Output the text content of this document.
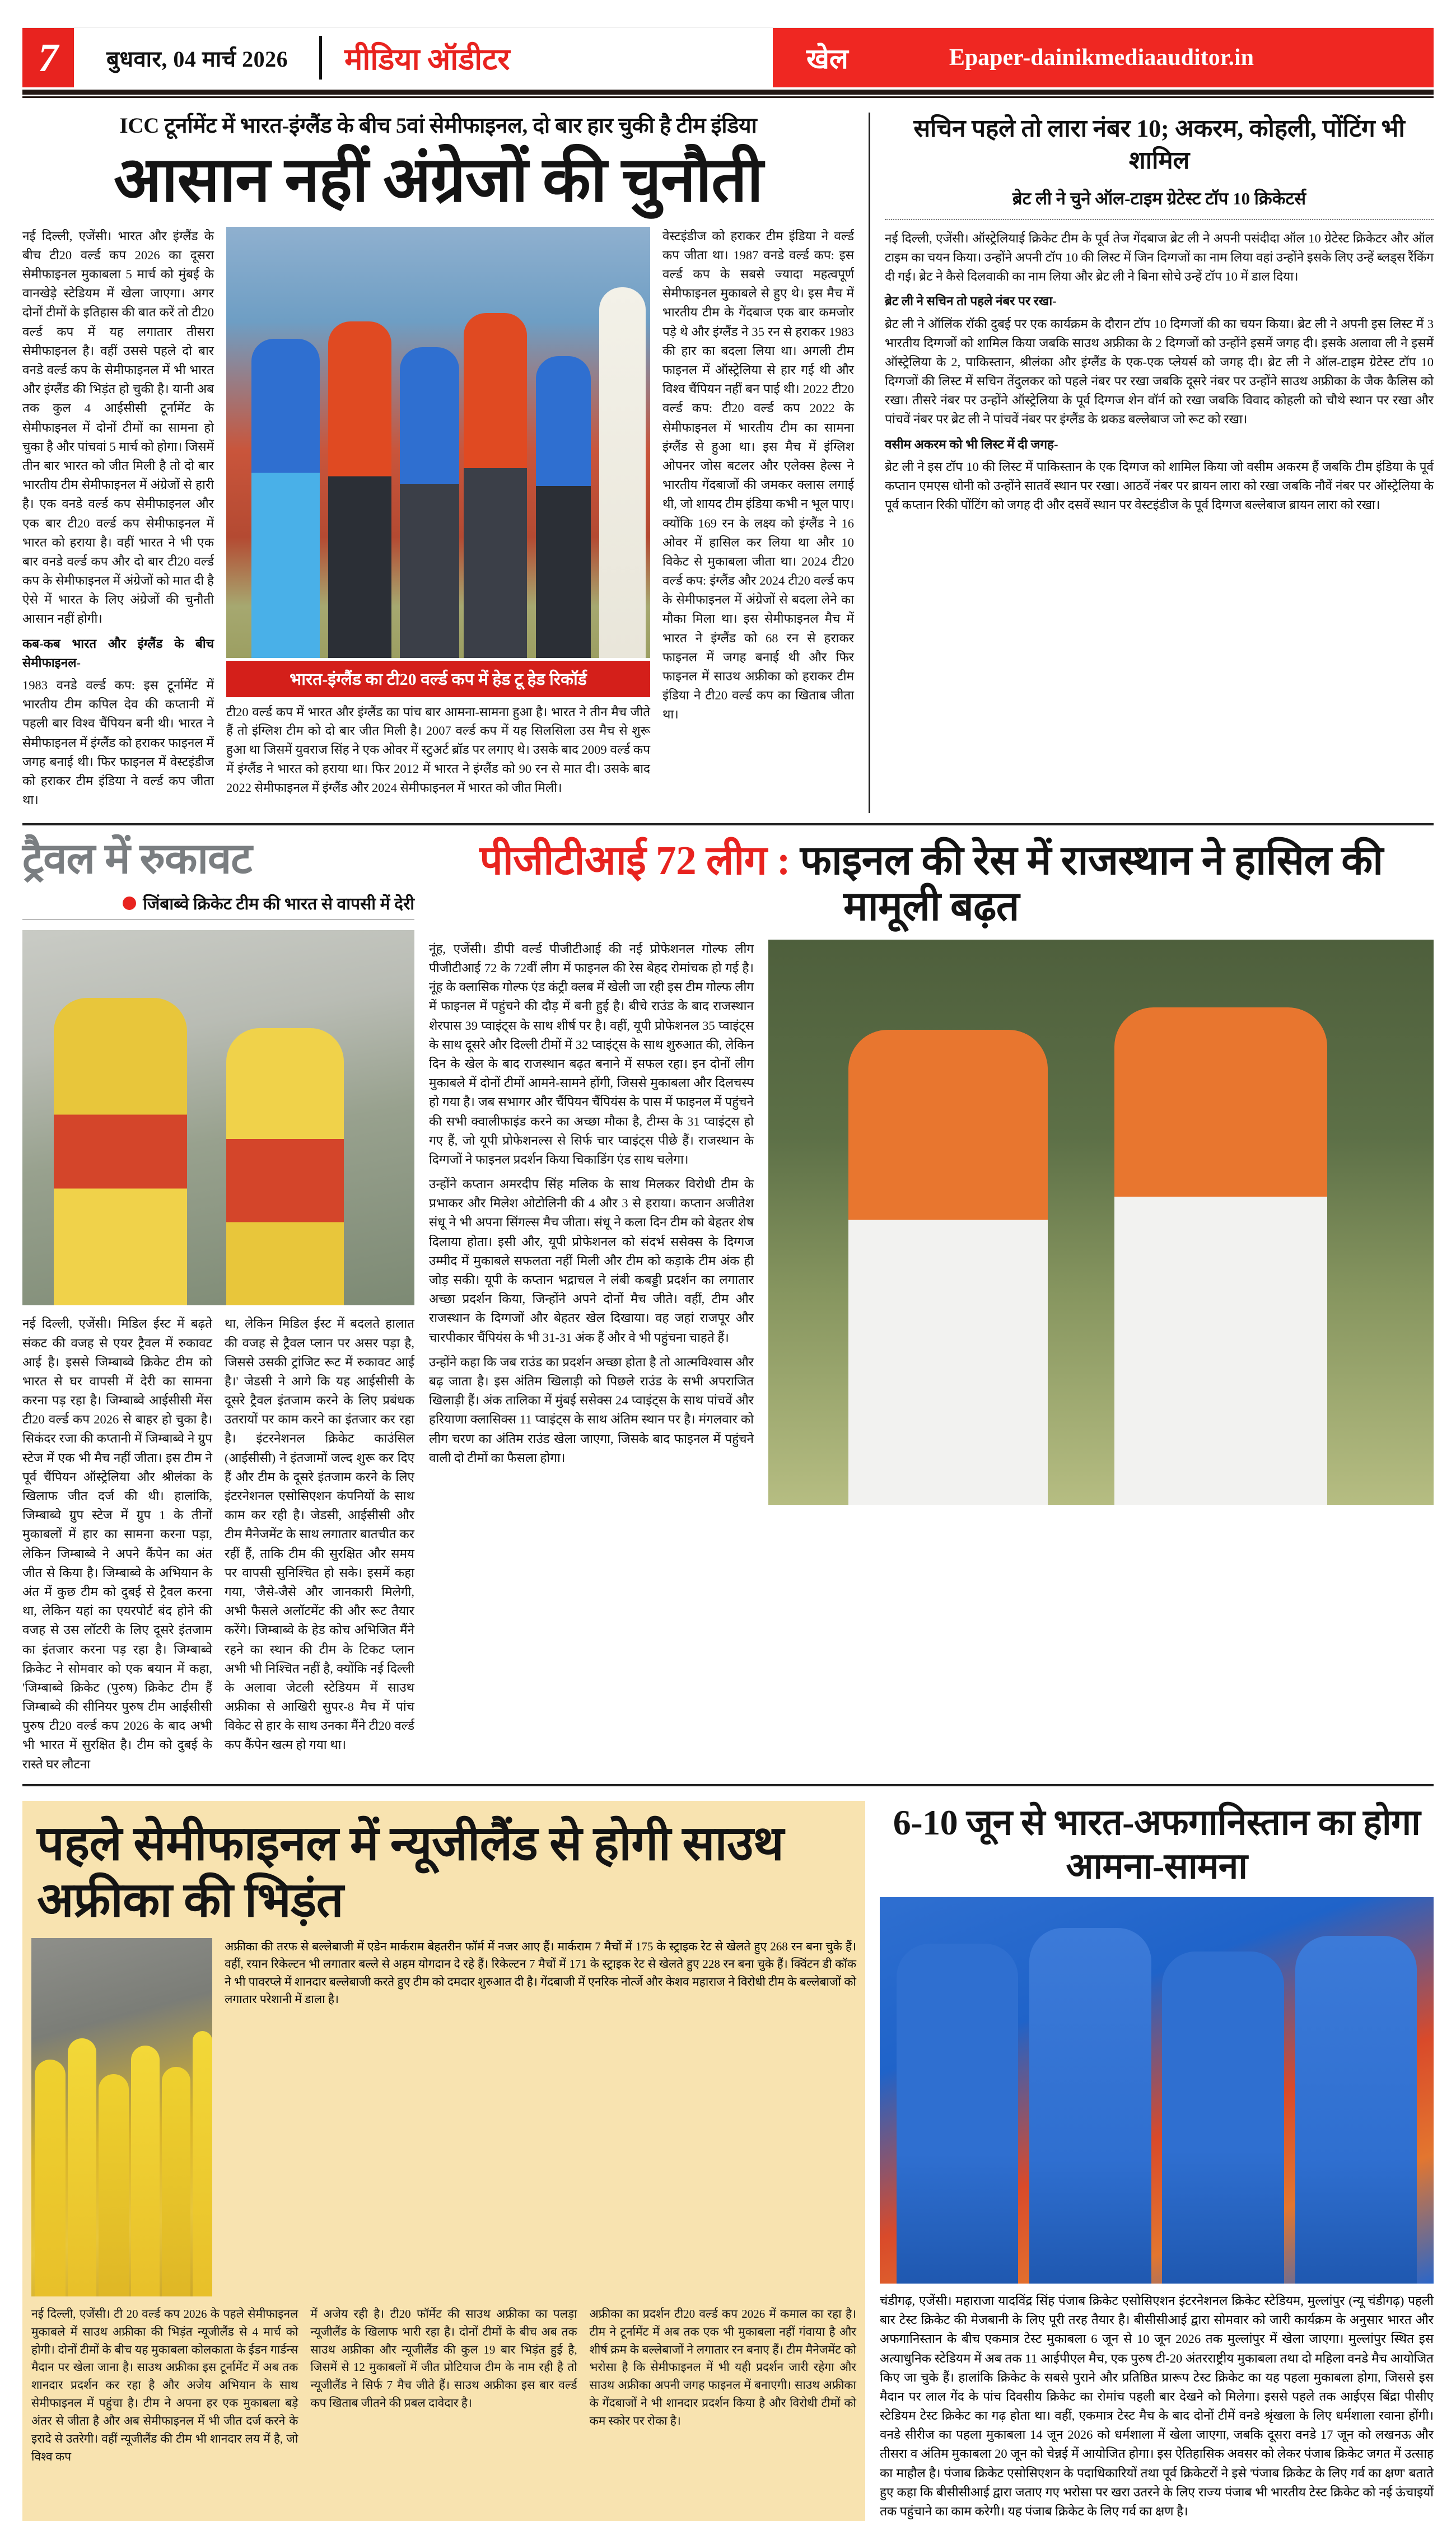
7	बुधवार, 04 मार्च 2026	मीडिया ऑडीटर	खेल	Epaper-dainikmediaauditor.in
ICC टूर्नामेंट में भारत-इंग्लैंड के बीच 5वां सेमीफाइनल, दो बार हार चुकी है टीम इंडिया
आसान नहीं अंग्रेजों की चुनौती

नई दिल्ली, एजेंसी। भारत और इंग्लैंड के बीच टी20 वर्ल्ड कप 2026 का दूसरा सेमीफाइनल मुकाबला 5 मार्च को मुंबई के वानखेड़े स्टेडियम में खेला जाएगा। अगर दोनों टीमों के इतिहास की बात करें तो टी20 वर्ल्ड कप में यह लगातार तीसरा सेमीफाइनल है। वहीं उससे पहले दो बार वनडे वर्ल्ड कप के सेमीफाइनल में भी भारत और इंग्लैंड की भिड़ंत हो चुकी है। यानी अब तक कुल 4 आईसीसी टूर्नामेंट के सेमीफाइनल में दोनों टीमों का सामना हो चुका है और पांचवां 5 मार्च को होगा। जिसमें तीन बार भारत को जीत मिली है तो दो बार भारतीय टीम सेमीफाइनल में अंग्रेजों से हारी है। एक वनडे वर्ल्ड कप सेमीफाइनल और एक बार टी20 वर्ल्ड कप सेमीफाइनल में भारत को हराया है। वहीं भारत ने भी एक बार वनडे वर्ल्ड कप और दो बार टी20 वर्ल्ड कप के सेमीफाइनल में अंग्रेजों को मात दी है ऐसे में भारत के लिए अंग्रेजों की चुनौती आसान नहीं होगी।

कब-कब भारत और इंग्लैंड के बीच सेमीफाइनल-

1983 वनडे वर्ल्ड कप: इस टूर्नामेंट में भारतीय टीम कपिल देव की कप्तानी में पहली बार विश्व चैंपियन बनी थी। भारत ने सेमीफाइनल में इंग्लैंड को हराकर फाइनल में जगह बनाई थी। फिर फाइनल में वेस्टइंडीज को हराकर टीम इंडिया ने वर्ल्ड कप जीता था।

भारत-इंग्लैंड का टी20 वर्ल्ड कप में हेड टू हेड रिकॉर्ड
टी20 वर्ल्ड कप में भारत और इंग्लैंड का पांच बार आमना-सामना हुआ है। भारत ने तीन मैच जीते हैं तो इंग्लिश टीम को दो बार जीत मिली है। 2007 वर्ल्ड कप में यह सिलसिला उस मैच से शुरू हुआ था जिसमें युवराज सिंह ने एक ओवर में स्टुअर्ट ब्रॉड पर लगाए थे। उसके बाद 2009 वर्ल्ड कप में इंग्लैंड ने भारत को हराया था। फिर 2012 में भारत ने इंग्लैंड को 90 रन से मात दी। उसके बाद 2022 सेमीफाइनल में इंग्लैंड और 2024 सेमीफाइनल में भारत को जीत मिली।

वेस्टइंडीज को हराकर टीम इंडिया ने वर्ल्ड कप जीता था। 1987 वनडे वर्ल्ड कप: इस वर्ल्ड कप के सबसे ज्यादा महत्वपूर्ण सेमीफाइनल मुकाबले से हुए थे। इस मैच में भारतीय टीम के गेंदबाज एक बार कमजोर पड़े थे और इंग्लैंड ने 35 रन से हराकर 1983 की हार का बदला लिया था। अगली टीम फाइनल में ऑस्ट्रेलिया से हार गई थी और विश्व चैंपियन नहीं बन पाई थी। 2022 टी20 वर्ल्ड कप: टी20 वर्ल्ड कप 2022 के सेमीफाइनल में भारतीय टीम का सामना इंग्लैंड से हुआ था। इस मैच में इंग्लिश ओपनर जोस बटलर और एलेक्स हेल्स ने भारतीय गेंदबाजों की जमकर क्लास लगाई थी, जो शायद टीम इंडिया कभी न भूल पाए। क्योंकि 169 रन के लक्ष्य को इंग्लैंड ने 16 ओवर में हासिल कर लिया था और 10 विकेट से मुकाबला जीता था। 2024 टी20 वर्ल्ड कप: इंग्लैंड और 2024 टी20 वर्ल्ड कप के सेमीफाइनल में अंग्रेजों से बदला लेने का मौका मिला था। इस सेमीफाइनल मैच में भारत ने इंग्लैंड को 68 रन से हराकर फाइनल में जगह बनाई थी और फिर फाइनल में साउथ अफ्रीका को हराकर टीम इंडिया ने टी20 वर्ल्ड कप का खिताब जीता था।

सचिन पहले तो लारा नंबर 10; अकरम, कोहली, पोंटिंग भी शामिल
ब्रेट ली ने चुने ऑल-टाइम ग्रेटेस्ट टॉप 10 क्रिकेटर्स

नई दिल्ली, एजेंसी। ऑस्ट्रेलियाई क्रिकेट टीम के पूर्व तेज गेंदबाज ब्रेट ली ने अपनी पसंदीदा ऑल 10 ग्रेटेस्ट क्रिकेटर और ऑल टाइम का चयन किया। उन्होंने अपनी टॉप 10 की लिस्ट में जिन दिग्गजों का नाम लिया वहां उन्होंने इसके लिए उन्हें ब्लड्स रैंकिंग दी गई। ब्रेट ने कैसे दिलवाकी का नाम लिया और ब्रेट ली ने बिना सोचे उन्हें टॉप 10 में डाल दिया।

ब्रेट ली ने सचिन तो पहले नंबर पर रखा-

ब्रेट ली ने ऑलिंक रॉकी दुबई पर एक कार्यक्रम के दौरान टॉप 10 दिग्गजों की का चयन किया। ब्रेट ली ने अपनी इस लिस्ट में 3 भारतीय दिग्गजों को शामिल किया जबकि साउथ अफ्रीका के 2 दिग्गजों को उन्होंने इसमें जगह दी। इसके अलावा ली ने इसमें ऑस्ट्रेलिया के 2, पाकिस्तान, श्रीलंका और इंग्लैंड के एक-एक प्लेयर्स को जगह दी। ब्रेट ली ने ऑल-टाइम ग्रेटेस्ट टॉप 10 दिग्गजों की लिस्ट में सचिन तेंदुलकर को पहले नंबर पर रखा जबकि दूसरे नंबर पर उन्होंने साउथ अफ्रीका के जैक कैलिस को रखा। तीसरे नंबर पर उन्होंने ऑस्ट्रेलिया के पूर्व दिग्गज शेन वॉर्न को रखा जबकि विवाद कोहली को चौथे स्थान पर रखा और पांचवें नंबर पर ब्रेट ली ने पांचवें नंबर पर इंग्लैंड के थ्रकड बल्लेबाज जो रूट को रखा।

वसीम अकरम को भी लिस्ट में दी जगह-

ब्रेट ली ने इस टॉप 10 की लिस्ट में पाकिस्तान के एक दिग्गज को शामिल किया जो वसीम अकरम हैं जबकि टीम इंडिया के पूर्व कप्तान एमएस धोनी को उन्होंने सातवें स्थान पर रखा। आठवें नंबर पर ब्रायन लारा को रखा जबकि नौवें नंबर पर ऑस्ट्रेलिया के पूर्व कप्तान रिकी पोंटिंग को जगह दी और दसवें स्थान पर वेस्टइंडीज के पूर्व दिग्गज बल्लेबाज ब्रायन लारा को रखा।

ट्रैवल में रुकावट
जिंबाब्वे क्रिकेट टीम की भारत से वापसी में देरी
नई दिल्ली, एजेंसी। मिडिल ईस्ट में बढ़ते संकट की वजह से एयर ट्रैवल में रुकावट आई है। इससे जिम्बाब्वे क्रिकेट टीम को भारत से घर वापसी में देरी का सामना करना पड़ रहा है। जिम्बाब्वे आईसीसी मेंस टी20 वर्ल्ड कप 2026 से बाहर हो चुका है। सिकंदर रजा की कप्तानी में जिम्बाब्वे ने ग्रुप स्टेज में एक भी मैच नहीं जीता। इस टीम ने पूर्व चैंपियन ऑस्ट्रेलिया और श्रीलंका के खिलाफ जीत दर्ज की थी। हालांकि, जिम्बाब्वे ग्रुप स्टेज में ग्रुप 1 के तीनों मुकाबलों में हार का सामना करना पड़ा, लेकिन जिम्बाब्वे ने अपने कैंपेन का अंत जीत से किया है। जिम्बाब्वे के अभियान के अंत में कुछ टीम को दुबई से ट्रैवल करना था, लेकिन यहां का एयरपोर्ट बंद होने की वजह से उस लॉटरी के लिए दूसरे इंतजाम का इंतजार करना पड़ रहा है। जिम्बाब्वे क्रिकेट ने सोमवार को एक बयान में कहा, 'जिम्बाब्वे क्रिकेट (पुरुष) क्रिकेट टीम हैं जिम्बाब्वे की सीनियर पुरुष टीम आईसीसी पुरुष टी20 वर्ल्ड कप 2026 के बाद अभी भी भारत में सुरक्षित है। टीम को दुबई के रास्ते घर लौटना
था, लेकिन मिडिल ईस्ट में बदलते हालात की वजह से ट्रैवल प्लान पर असर पड़ा है, जिससे उसकी ट्रांजिट रूट में रुकावट आई है।' जेडसी ने आगे कि यह आईसीसी के दूसरे ट्रैवल इंतजाम करने के लिए प्रबंधक उतरायों पर काम करने का इंतजार कर रहा है। इंटरनेशनल क्रिकेट काउंसिल (आईसीसी) ने इंतजामों जल्द शुरू कर दिए हैं और टीम के दूसरे इंतजाम करने के लिए इंटरनेशनल एसोसिएशन कंपनियों के साथ काम कर रही है। जेडसी, आईसीसी और टीम मैनेजमेंट के साथ लगातार बातचीत कर रहीं हैं, ताकि टीम की सुरक्षित और समय पर वापसी सुनिश्चित हो सके। इसमें कहा गया, 'जैसे-जैसे और जानकारी मिलेगी, अभी फैसले अलॉटमेंट की और रूट तैयार करेंगे। जिम्बाब्वे के हेड कोच अभिजित मैंने रहने का स्थान की टीम के टिकट प्लान अभी भी निश्चित नहीं है, क्योंकि नई दिल्ली के अलावा जेटली स्टेडियम में साउथ अफ्रीका से आखिरी सुपर-8 मैच में पांच विकेट से हार के साथ उनका मैंने टी20 वर्ल्ड कप कैंपेन खत्म हो गया था।
पीजीटीआई 72 लीग : फाइनल की रेस में राजस्थान ने हासिल की मामूली बढ़त
नूंह, एजेंसी। डीपी वर्ल्ड पीजीटीआई की नई प्रोफेशनल गोल्फ लीग पीजीटीआई 72 के 72वीं लीग में फाइनल की रेस बेहद रोमांचक हो गई है। नूंह के क्लासिक गोल्फ एंड कंट्री क्लब में खेली जा रही इस टीम गोल्फ लीग में फाइनल में पहुंचने की दौड़ में बनी हुई है। बीचे राउंड के बाद राजस्थान शेरपास 39 प्वाइंट्स के साथ शीर्ष पर है। वहीं, यूपी प्रोफेशनल 35 प्वाइंट्स के साथ दूसरे और दिल्ली टीमों में 32 प्वाइंट्स के साथ शुरुआत की, लेकिन दिन के खेल के बाद राजस्थान बढ़त बनाने में सफल रहा। इन दोनों लीग मुकाबले में दोनों टीमों आमने-सामने होंगी, जिससे मुकाबला और दिलचस्प हो गया है। जब सभागर और चैंपियन चैंपियंस के पास में फाइनल में पहुंचने की सभी क्वालीफाइंड करने का अच्छा मौका है, टीम्स के 31 प्वाइंट्स हो गए हैं, जो यूपी प्रोफेशनल्स से सिर्फ चार प्वाइंट्स पीछे हैं। राजस्थान के दिग्गजों ने फाइनल प्रदर्शन किया चिकाडिंग एंड साथ चलेगा।
उन्होंने कप्तान अमरदीप सिंह मलिक के साथ मिलकर विरोधी टीम के प्रभाकर और मिलेश ओटोलिनी की 4 और 3 से हराया। कप्तान अजीतेश संधू ने भी अपना सिंगल्स मैच जीता। संधू ने कला दिन टीम को बेहतर शेष दिलाया होता। इसी और, यूपी प्रोफेशनल को संदर्भ ससेक्स के दिग्गज उम्मीद में मुकाबले सफलता नहीं मिली और टीम को कड़ाके टीम अंक ही जोड़ सकी। यूपी के कप्तान भद्राचल ने लंबी कबड्डी प्रदर्शन का लगातार अच्छा प्रदर्शन किया, जिन्होंने अपने दोनों मैच जीते। वहीं, टीम और राजस्थान के दिग्गजों और बेहतर खेल दिखाया। वह जहां राजपूर और चारपीकार चैंपियंस के भी 31-31 अंक हैं और वे भी पहुंचना चाहते हैं।
उन्होंने कहा कि जब राउंड का प्रदर्शन अच्छा होता है तो आत्मविश्वास और बढ़ जाता है। इस अंतिम खिलाड़ी को पिछले राउंड के सभी अपराजित खिलाड़ी हैं। अंक तालिका में मुंबई ससेक्स 24 प्वाइंट्स के साथ पांचवें और हरियाणा क्लासिक्स 11 प्वाइंट्स के साथ अंतिम स्थान पर है। मंगलवार को लीग चरण का अंतिम राउंड खेला जाएगा, जिसके बाद फाइनल में पहुंचने वाली दो टीमों का फैसला होगा।
पहले सेमीफाइनल में न्यूजीलैंड से होगी साउथ अफ्रीका की भिड़ंत
अफ्रीका की तरफ से बल्लेबाजी में एडेन मार्कराम बेहतरीन फॉर्म में नजर आए हैं। मार्कराम 7 मैचों में 175 के स्ट्राइक रेट से खेलते हुए 268 रन बना चुके हैं। वहीं, रयान रिकेल्टन भी लगातार बल्ले से अहम योगदान दे रहे हैं। रिकेल्टन 7 मैचों में 171 के स्ट्राइक रेट से खेलते हुए 228 रन बना चुके हैं। क्विंटन डी कॉक ने भी पावरप्ले में शानदार बल्लेबाजी करते हुए टीम को दमदार शुरुआत दी है। गेंदबाजी में एनरिक नोर्त्जे और केशव महाराज ने विरोधी टीम के बल्लेबाजों को लगातार परेशानी में डाला है।
नई दिल्ली, एजेंसी। टी 20 वर्ल्ड कप 2026 के पहले सेमीफाइनल मुकाबले में साउथ अफ्रीका की भिड़ंत न्यूजीलैंड से 4 मार्च को होगी। दोनों टीमों के बीच यह मुकाबला कोलकाता के ईडन गार्डन्स मैदान पर खेला जाना है। साउथ अफ्रीका इस टूर्नामेंट में अब तक शानदार प्रदर्शन कर रहा है और अजेय अभियान के साथ सेमीफाइनल में पहुंचा है। टीम ने अपना हर एक मुकाबला बड़े अंतर से जीता है और अब सेमीफाइनल में भी जीत दर्ज करने के इरादे से उतरेगी। वहीं न्यूजीलैंड की टीम भी शानदार लय में है, जो विश्व कप
में अजेय रही है। टी20 फॉर्मेट की साउथ अफ्रीका का पलड़ा न्यूजीलैंड के खिलाफ भारी रहा है। दोनों टीमों के बीच अब तक साउथ अफ्रीका और न्यूजीलैंड की कुल 19 बार भिड़ंत हुई है, जिसमें से 12 मुकाबलों में जीत प्रोटियाज टीम के नाम रही है तो न्यूजीलैंड ने सिर्फ 7 मैच जीते हैं। साउथ अफ्रीका इस बार वर्ल्ड कप खिताब जीतने की प्रबल दावेदार है।
अफ्रीका का प्रदर्शन टी20 वर्ल्ड कप 2026 में कमाल का रहा है। टीम ने टूर्नामेंट में अब तक एक भी मुकाबला नहीं गंवाया है और शीर्ष क्रम के बल्लेबाजों ने लगातार रन बनाए हैं। टीम मैनेजमेंट को भरोसा है कि सेमीफाइनल में भी यही प्रदर्शन जारी रहेगा और साउथ अफ्रीका अपनी जगह फाइनल में बनाएगी। साउथ अफ्रीका के गेंदबाजों ने भी शानदार प्रदर्शन किया है और विरोधी टीमों को कम स्कोर पर रोका है।
6-10 जून से भारत-अफगानिस्तान का होगा आमना-सामना
चंडीगढ़, एजेंसी। महाराजा यादविंद्र सिंह पंजाब क्रिकेट एसोसिएशन इंटरनेशनल क्रिकेट स्टेडियम, मुल्लांपुर (न्यू चंडीगढ़) पहली बार टेस्ट क्रिकेट की मेजबानी के लिए पूरी तरह तैयार है। बीसीसीआई द्वारा सोमवार को जारी कार्यक्रम के अनुसार भारत और अफगानिस्तान के बीच एकमात्र टेस्ट मुकाबला 6 जून से 10 जून 2026 तक मुल्लांपुर में खेला जाएगा। मुल्लांपुर स्थित इस अत्याधुनिक स्टेडियम में अब तक 11 आईपीएल मैच, एक पुरुष टी-20 अंतरराष्ट्रीय मुकाबला तथा दो महिला वनडे मैच आयोजित किए जा चुके हैं। हालांकि क्रिकेट के सबसे पुराने और प्रतिष्ठित प्रारूप टेस्ट क्रिकेट का यह पहला मुकाबला होगा, जिससे इस मैदान पर लाल गेंद के पांच दिवसीय क्रिकेट का रोमांच पहली बार देखने को मिलेगा। इससे पहले तक आईएस बिंद्रा पीसीए स्टेडियम टेस्ट क्रिकेट का गढ़ होता था। वहीं, एकमात्र टेस्ट मैच के बाद दोनों टीमें वनडे श्रृंखला के लिए धर्मशाला रवाना होंगी। वनडे सीरीज का पहला मुकाबला 14 जून 2026 को धर्मशाला में खेला जाएगा, जबकि दूसरा वनडे 17 जून को लखनऊ और तीसरा व अंतिम मुकाबला 20 जून को चेन्नई में आयोजित होगा। इस ऐतिहासिक अवसर को लेकर पंजाब क्रिकेट जगत में उत्साह का माहौल है। पंजाब क्रिकेट एसोसिएशन के पदाधिकारियों तथा पूर्व क्रिकेटरों ने इसे 'पंजाब क्रिकेट के लिए गर्व का क्षण' बताते हुए कहा कि बीसीसीआई द्वारा जताए गए भरोसा पर खरा उतरने के लिए राज्य पंजाब भी भारतीय टेस्ट क्रिकेट को नई ऊंचाइयों तक पहुंचाने का काम करेगी। यह पंजाब क्रिकेट के लिए गर्व का क्षण है।
